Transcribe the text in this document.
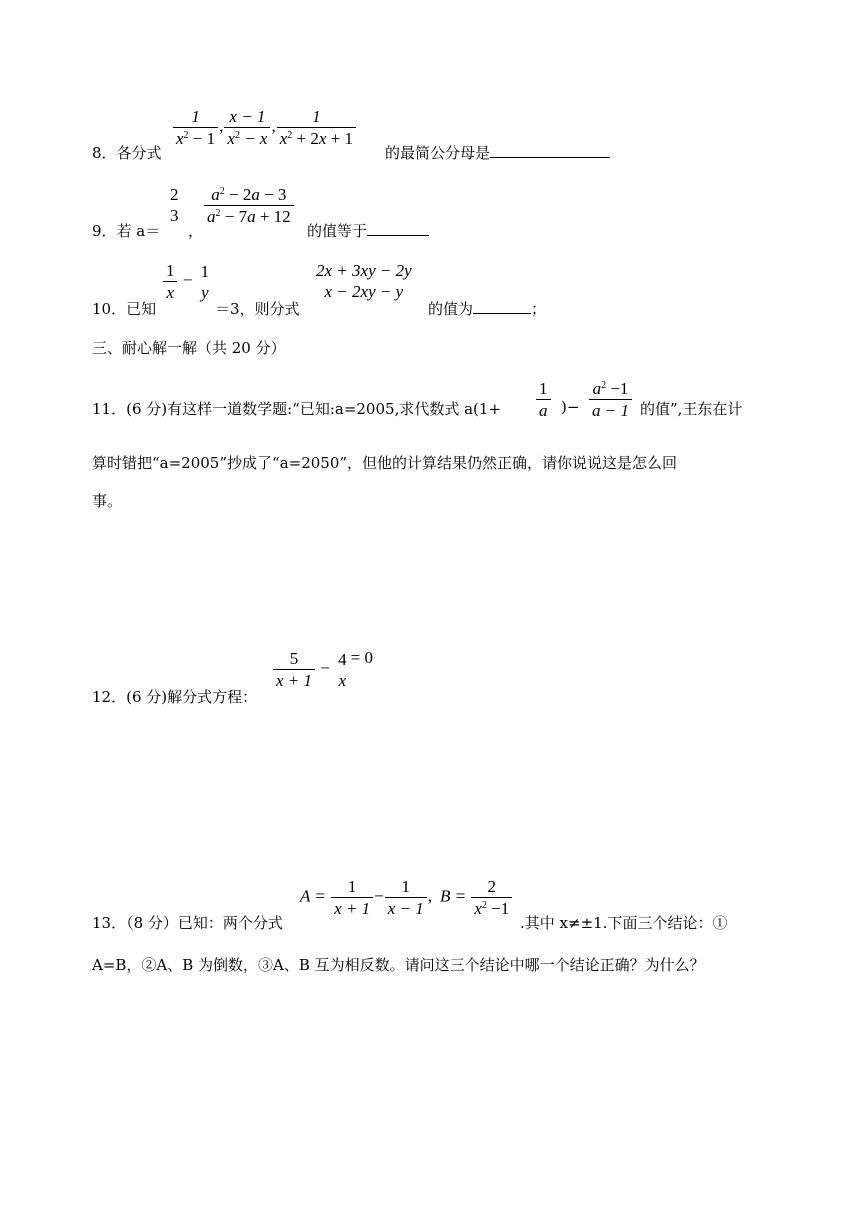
8．各分式
$\frac{1}{x^2 - 1}$ , $\frac{x - 1}{x^2 - x}$ , $\frac{1}{x^2 + 2x + 1}$
的最简公分母是
9．若 a＝
2
3
，
$\frac{a^2 - 2a - 3}{a^2 - 7a + 12}$
的值等于
10．已知
$\frac{1}{x} - 1$
y
＝3，则分式
2x + 3xy − 2y
x − 2xy − y
的值为	；
三、耐心解一解（共 20 分）
11．(6 分)有这样一道数学题:“已知:a=2005,求代数式 $a(1+ \frac{1}{a}$ )− $\frac{a^2 -1}{a - 1}$ 的值”,王东在计
算时错把“a=2005”抄成了“a=2050”，但他的计算结果仍然正确，请你说说这是怎么回
事。
12．(6 分)解分式方程：
$\frac{5}{x + 1} - 4$
x
= 0
13．（8 分）已知：两个分式
$A = \frac{1}{x + 1} - \frac{1}{x - 1}$ , $B = \frac{2}{x^2 -1}$
.其中 x≠±1.下面三个结论：①
A=B，②A、B 为倒数，③A、B 互为相反数。请问这三个结论中哪一个结论正确？为什么？
